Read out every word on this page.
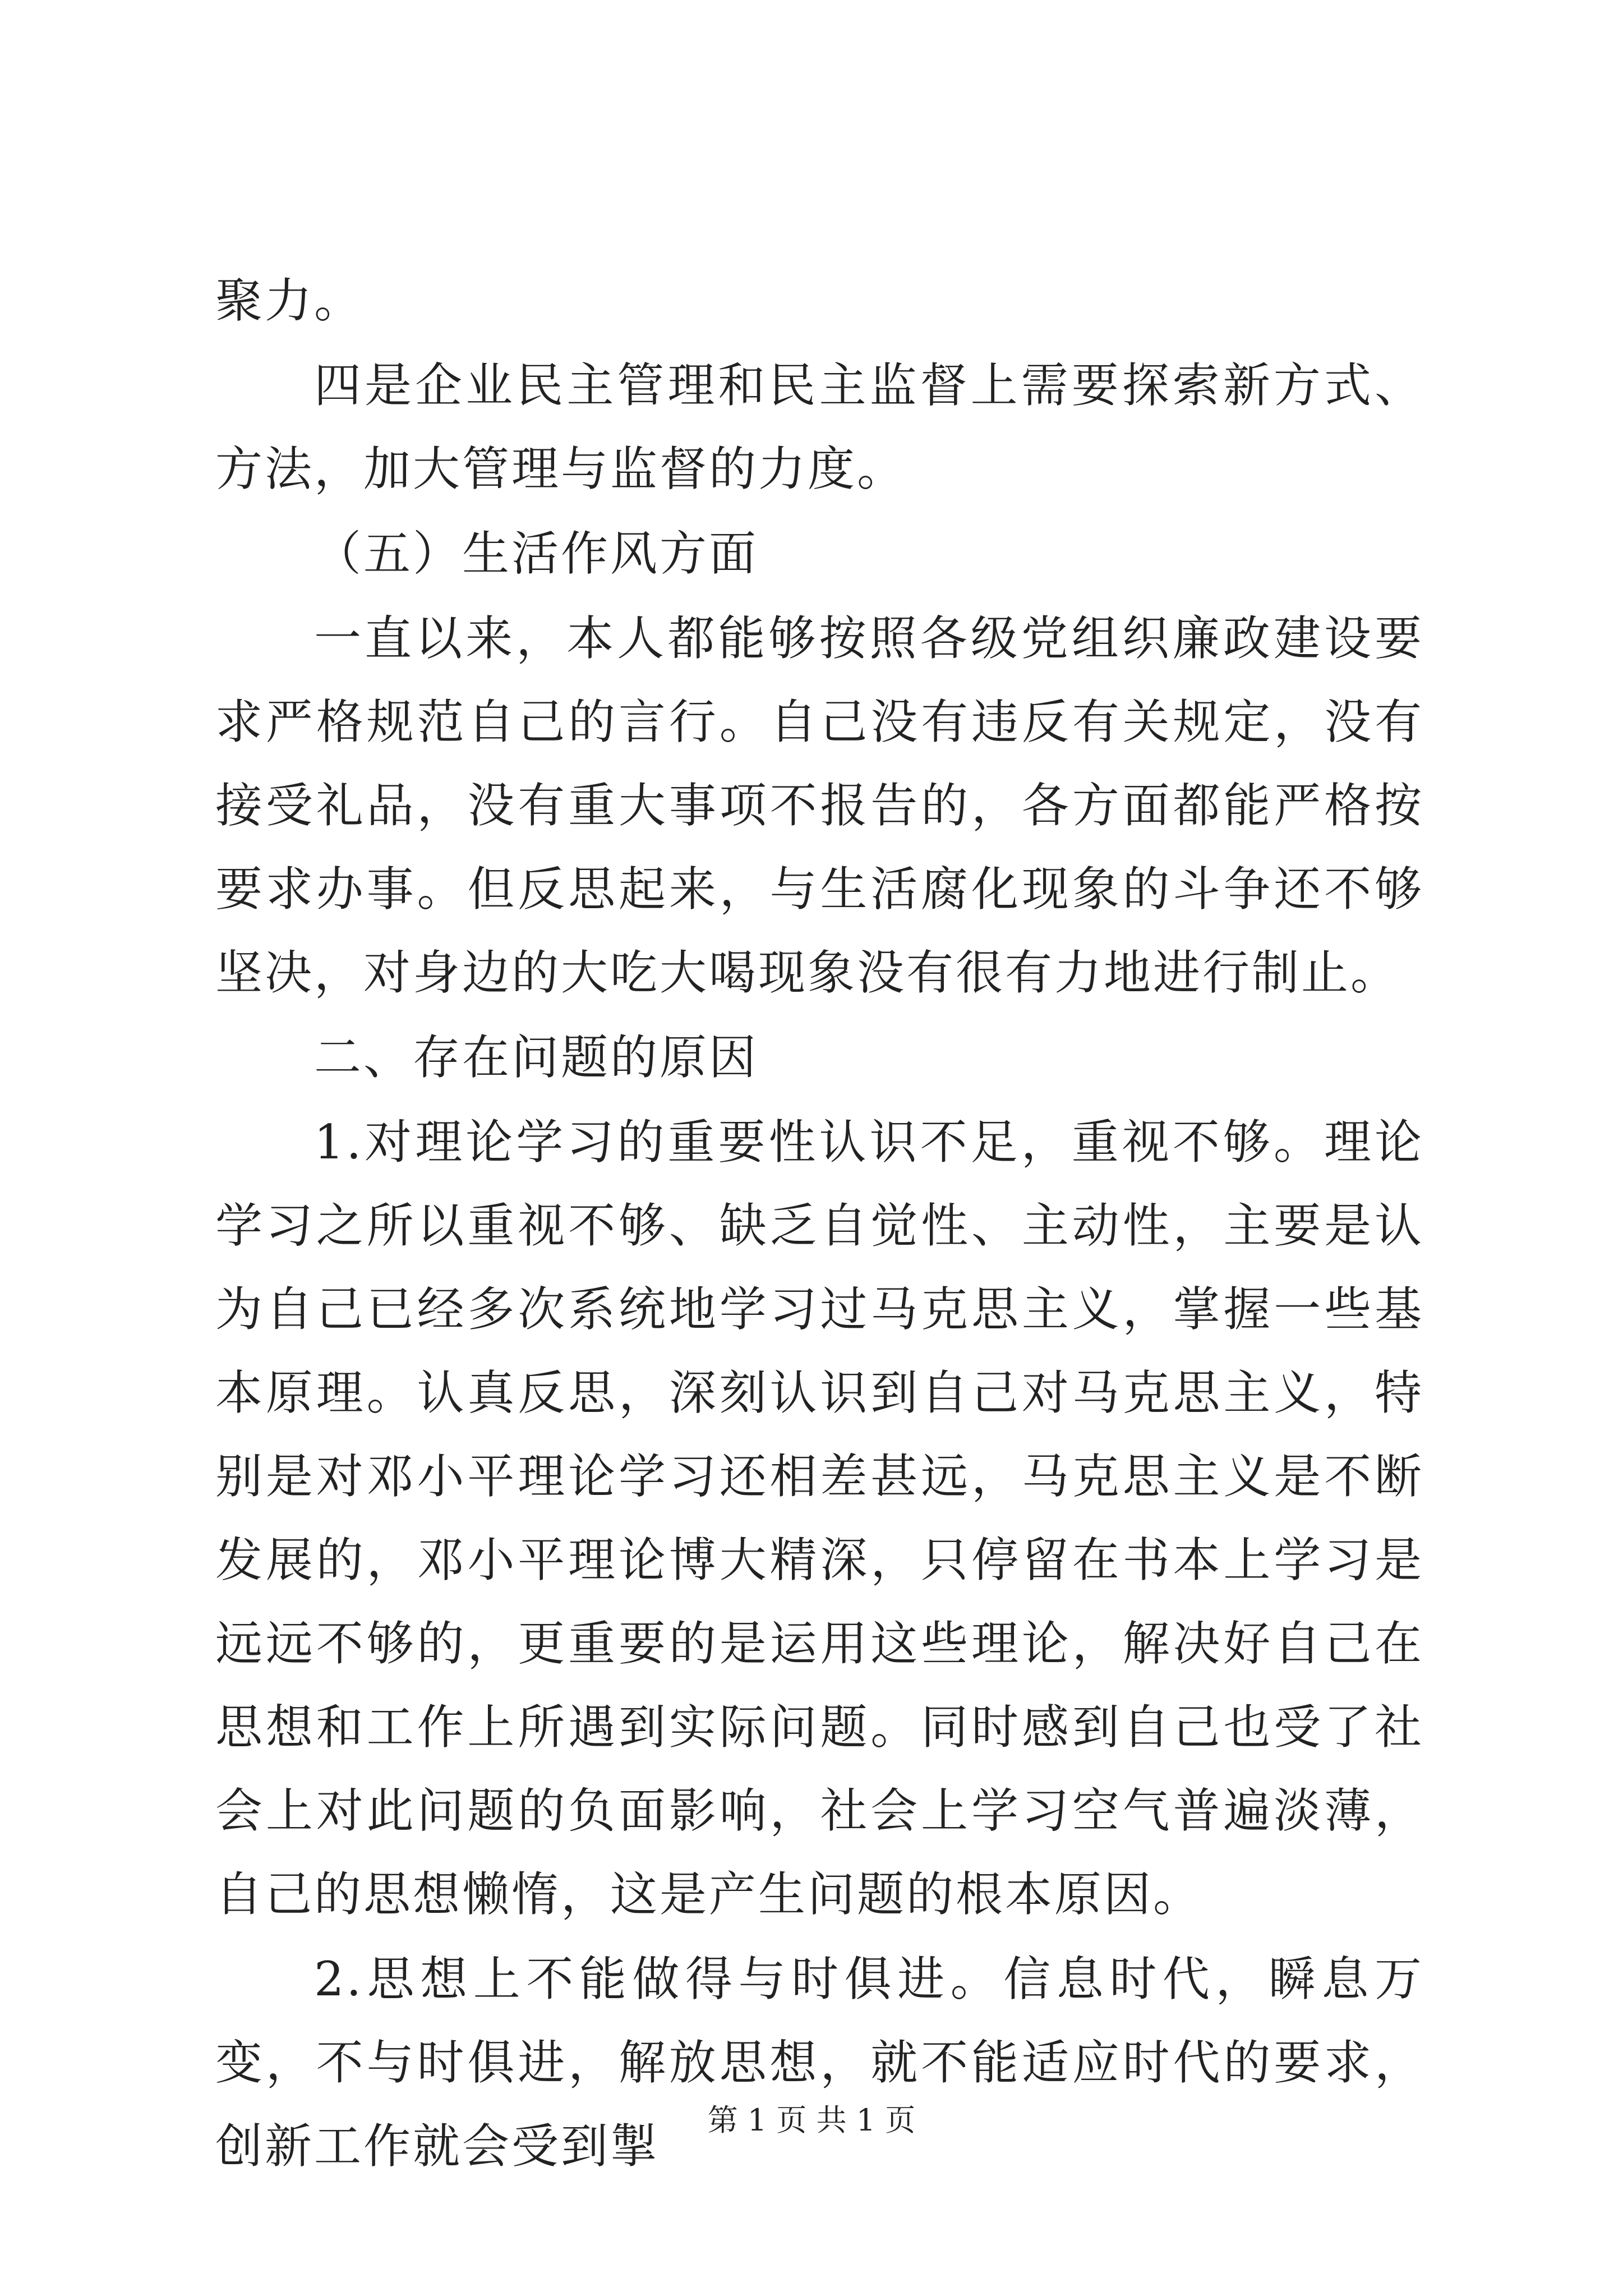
聚力。

四是企业民主管理和民主监督上需要探索新方式、方法，加大管理与监督的力度。

（五）生活作风方面

一直以来，本人都能够按照各级党组织廉政建设要求严格规范自己的言行。自己没有违反有关规定，没有接受礼品，没有重大事项不报告的，各方面都能严格按要求办事。但反思起来，与生活腐化现象的斗争还不够坚决，对身边的大吃大喝现象没有很有力地进行制止。

二、存在问题的原因

1.对理论学习的重要性认识不足，重视不够。理论学习之所以重视不够、缺乏自觉性、主动性，主要是认为自己已经多次系统地学习过马克思主义，掌握一些基本原理。认真反思，深刻认识到自己对马克思主义，特别是对邓小平理论学习还相差甚远，马克思主义是不断发展的，邓小平理论博大精深，只停留在书本上学习是远远不够的，更重要的是运用这些理论，解决好自己在思想和工作上所遇到实际问题。同时感到自己也受了社会上对此问题的负面影响，社会上学习空气普遍淡薄，自己的思想懒惰，这是产生问题的根本原因。

2.思想上不能做得与时俱进。信息时代，瞬息万变，不与时俱进，解放思想，就不能适应时代的要求，创新工作就会受到掣	第 1 页 共 1 页
